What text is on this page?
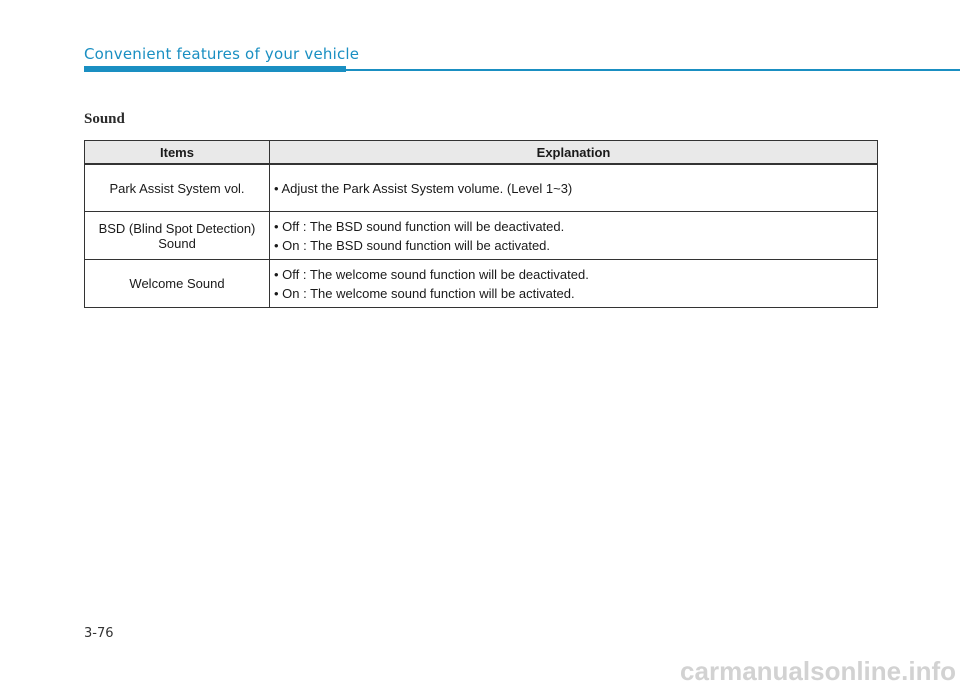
Convenient features of your vehicle
Sound
Items	Explanation
Park Assist System vol.	• Adjust the Park Assist System volume. (Level 1~3)

BSD (Blind Spot Detection) Sound	• Off : The BSD sound function will be deactivated.
• On : The BSD sound function will be activated.

Welcome Sound	• Off : The welcome sound function will be deactivated.
• On : The welcome sound function will be activated.
3-76
carmanualsonline.info
